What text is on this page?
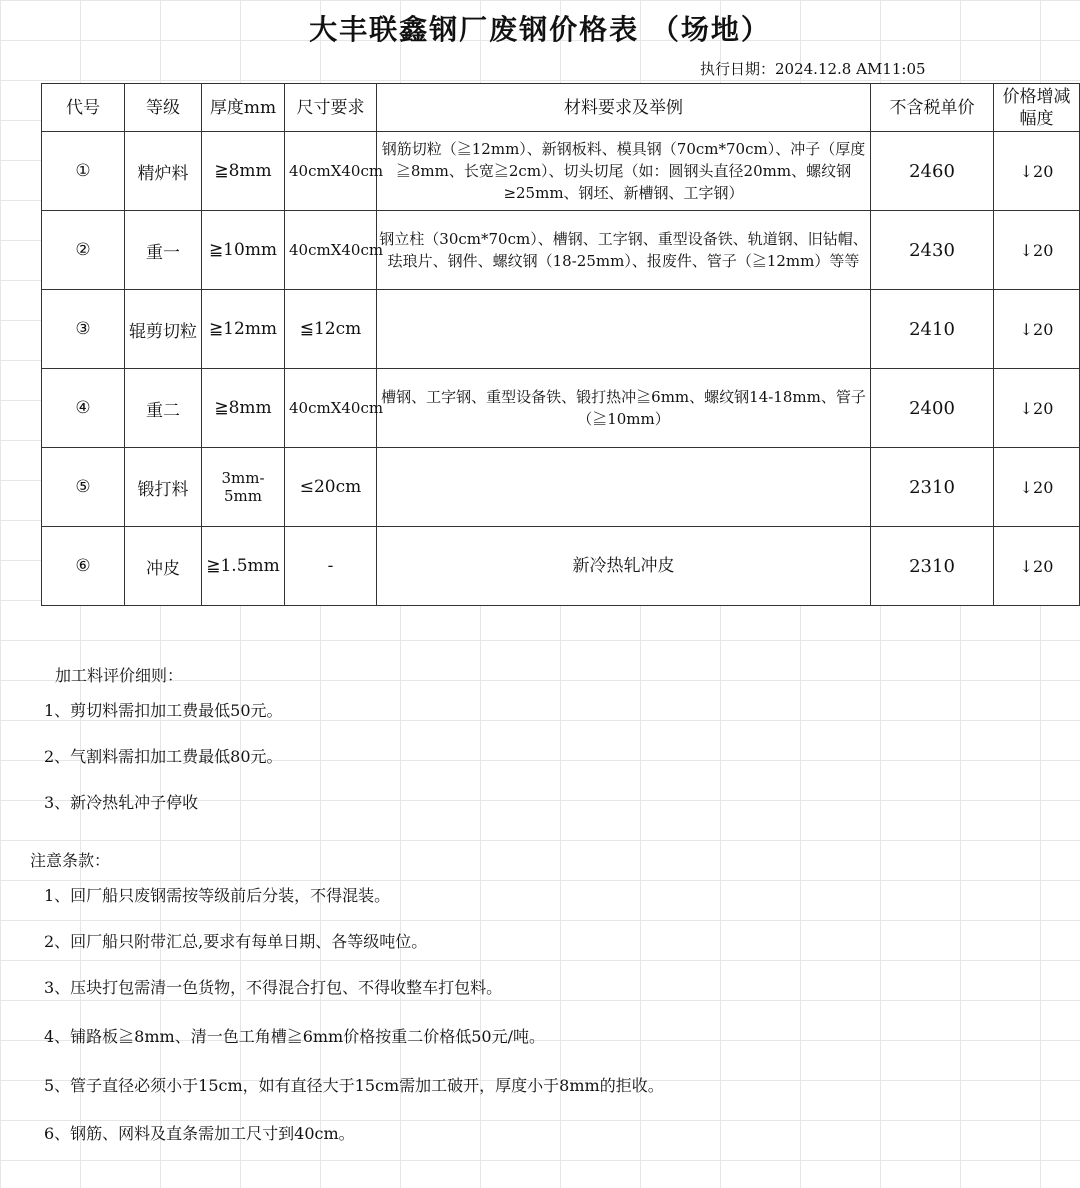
大丰联鑫钢厂废钢价格表 （场地）
执行日期：2024.12.8 AM11:05
代号	等级	厚度mm	尺寸要求	材料要求及举例	不含税单价	价格增减幅度
①	精炉料	≧8mm	40cmX40cm	钢筋切粒（≧12mm）、新钢板料、模具钢（70cm*70cm）、冲子（厚度≧8mm、长宽≧2cm）、切头切尾（如：圆钢头直径20mm、螺纹钢≥25mm、钢坯、新槽钢、工字钢）	2460	↓20
②	重一	≧10mm	40cmX40cm	钢立柱（30cm*70cm）、槽钢、工字钢、重型设备铁、轨道钢、旧钻帽、珐琅片、钢件、螺纹钢（18-25mm）、报废件、管子（≧12mm）等等	2430	↓20
③	辊剪切粒	≧12mm	≦12cm		2410	↓20
④	重二	≧8mm	40cmX40cm	槽钢、工字钢、重型设备铁、锻打热冲≧6mm、螺纹钢14-18mm、管子（≧10mm）	2400	↓20
⑤	锻打料	3mm-5mm	≤20cm		2310	↓20
⑥	冲皮	≧1.5mm	-	新冷热轧冲皮	2310	↓20
加工料评价细则：
1、剪切料需扣加工费最低50元。
2、气割料需扣加工费最低80元。
3、新冷热轧冲子停收
注意条款：
1、回厂船只废钢需按等级前后分装，不得混装。
2、回厂船只附带汇总,要求有每单日期、各等级吨位。
3、压块打包需清一色货物，不得混合打包、不得收整车打包料。
4、铺路板≧8mm、清一色工角槽≧6mm价格按重二价格低50元/吨。
5、管子直径必须小于15cm，如有直径大于15cm需加工破开，厚度小于8mm的拒收。
6、钢筋、网料及直条需加工尺寸到40cm。
